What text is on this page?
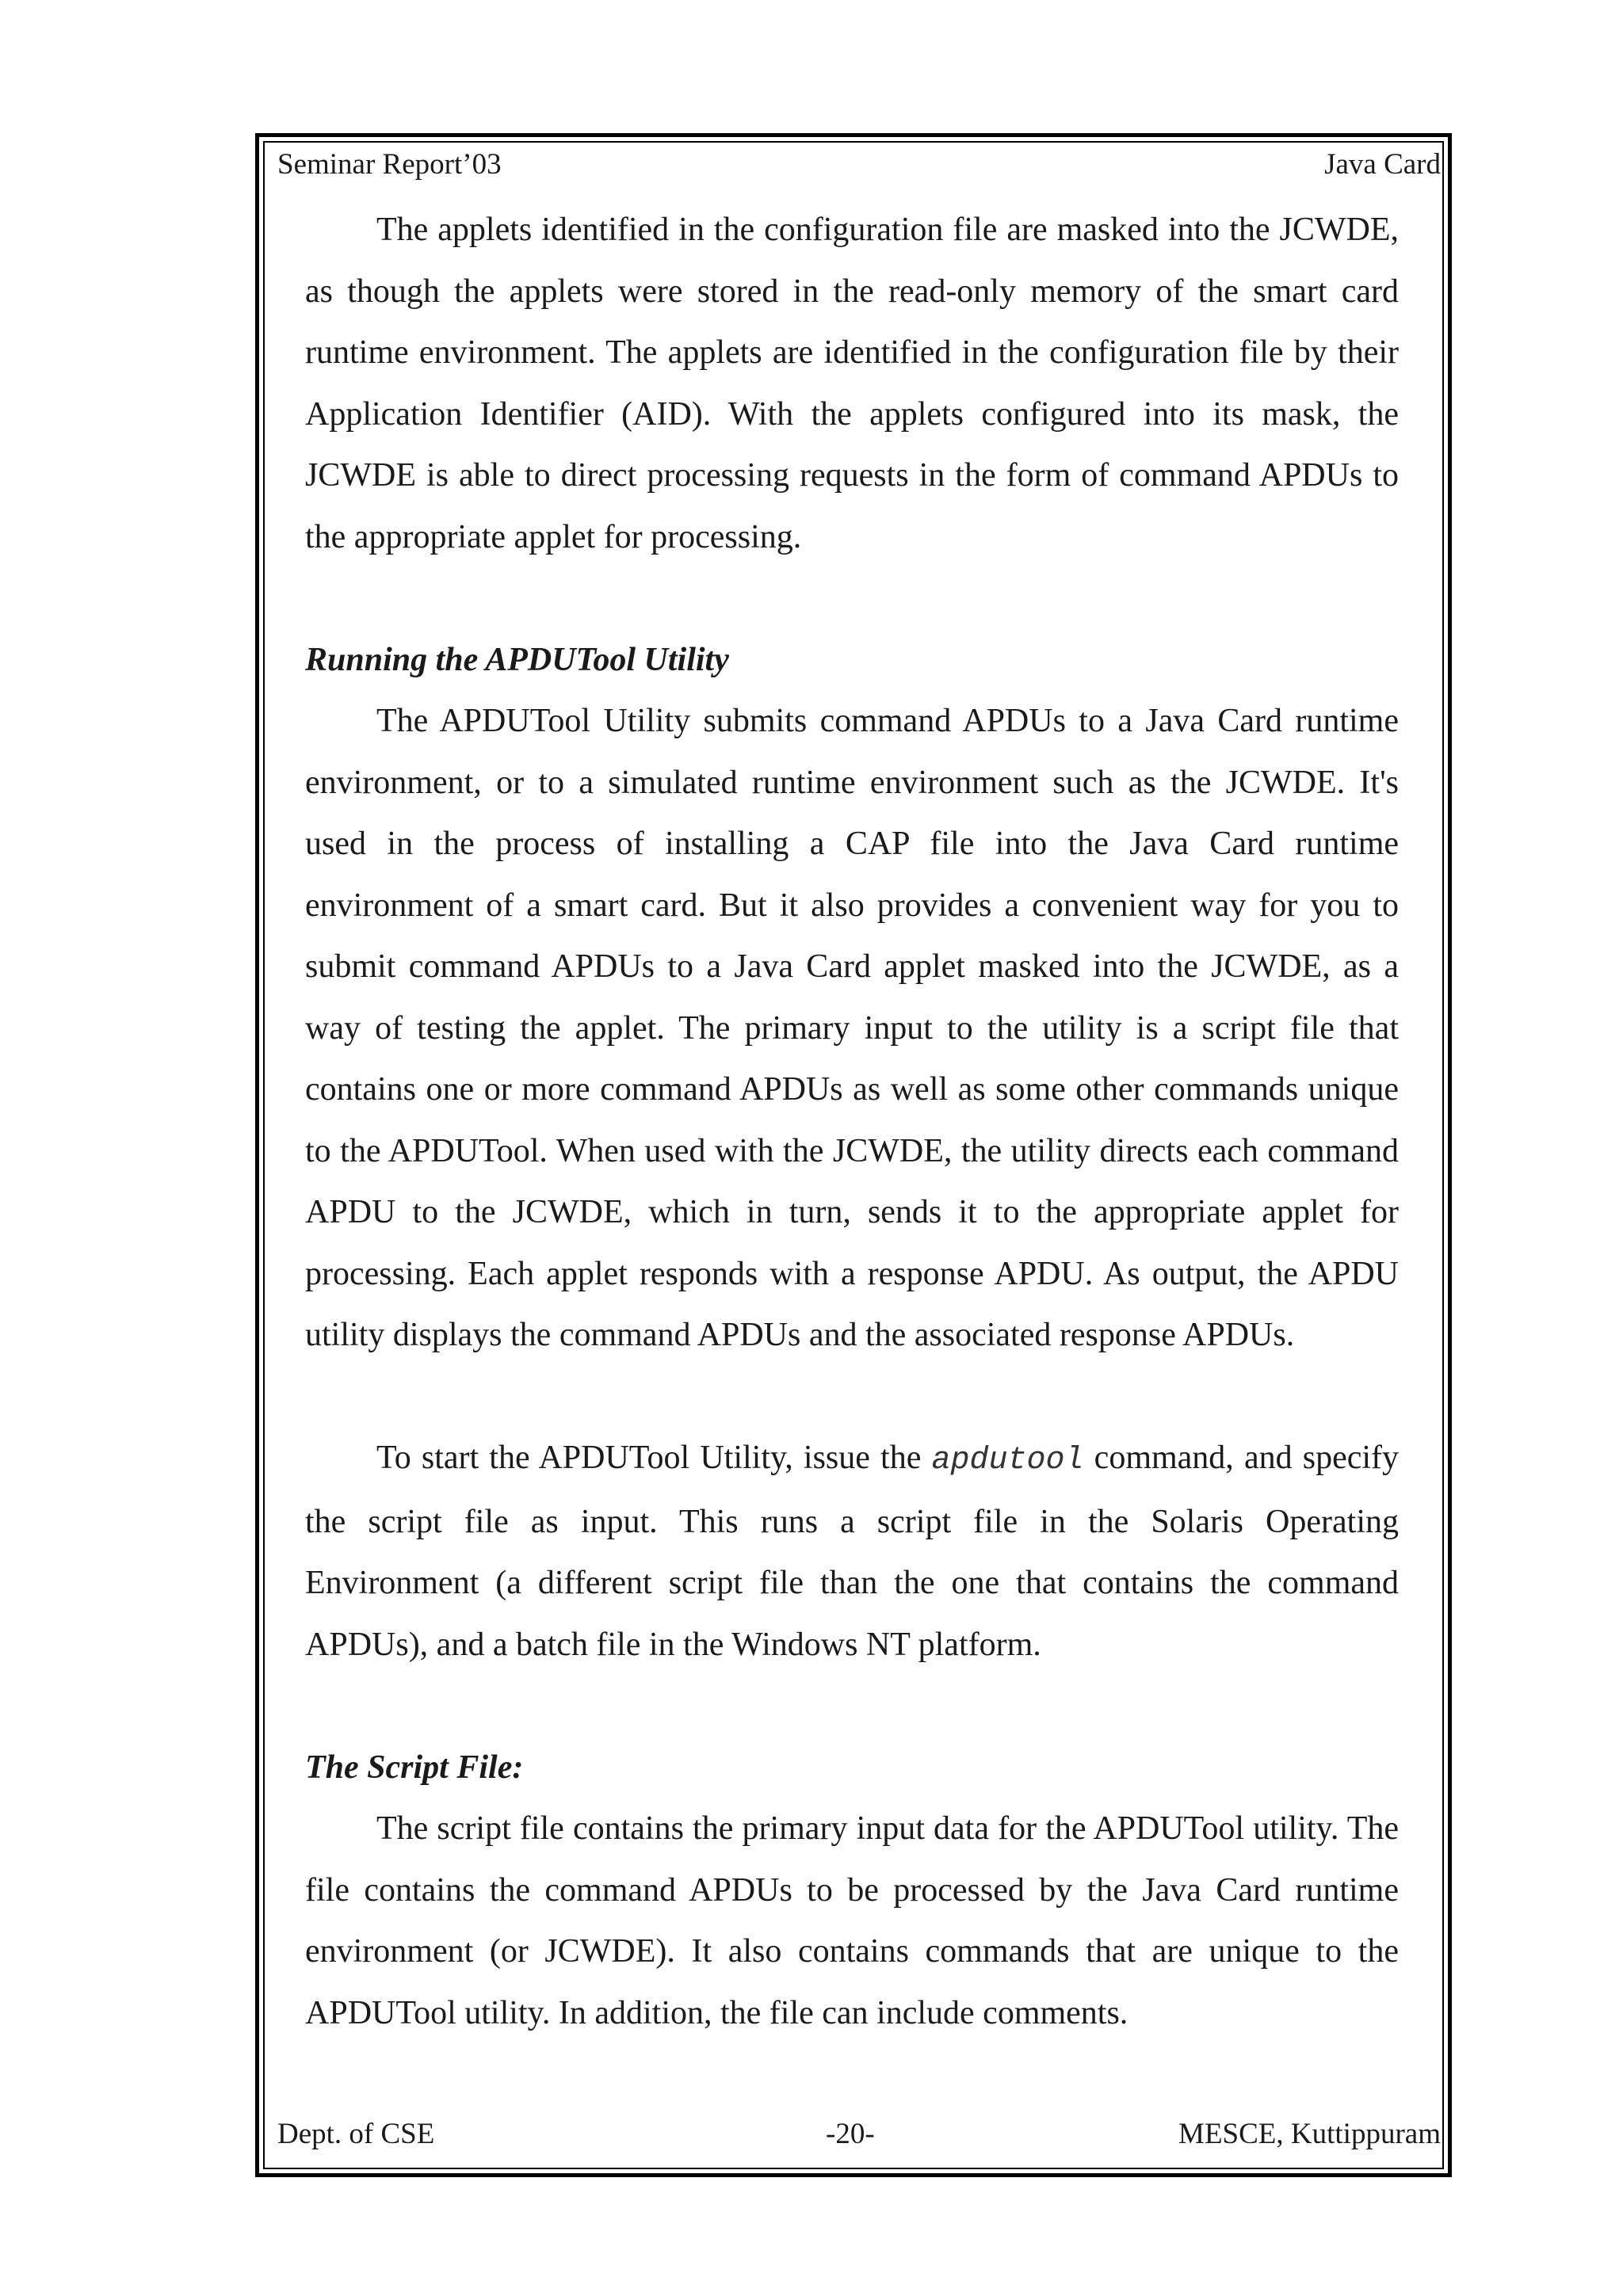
Seminar Report’03	Java Card

The applets identified in the configuration file are masked into the JCWDE, as though the applets were stored in the read-only memory of the smart card runtime environment. The applets are identified in the configuration file by their Application Identifier (AID). With the applets configured into its mask, the JCWDE is able to direct processing requests in the form of command APDUs to the appropriate applet for processing.

Running the APDUTool Utility

The APDUTool Utility submits command APDUs to a Java Card runtime environment, or to a simulated runtime environment such as the JCWDE. It's used in the process of installing a CAP file into the Java Card runtime environment of a smart card. But it also provides a convenient way for you to submit command APDUs to a Java Card applet masked into the JCWDE, as a way of testing the applet. The primary input to the utility is a script file that contains one or more command APDUs as well as some other commands unique to the APDUTool. When used with the JCWDE, the utility directs each command APDU to the JCWDE, which in turn, sends it to the appropriate applet for processing. Each applet responds with a response APDU. As output, the APDU utility displays the command APDUs and the associated response APDUs.

To start the APDUTool Utility, issue the apdutool command, and specify the script file as input. This runs a script file in the Solaris Operating Environment (a different script file than the one that contains the command APDUs), and a batch file in the Windows NT platform.

The Script File:

The script file contains the primary input data for the APDUTool utility. The file contains the command APDUs to be processed by the Java Card runtime environment (or JCWDE). It also contains commands that are unique to the APDUTool utility. In addition, the file can include comments.

Dept. of CSE	-20-	MESCE, Kuttippuram
